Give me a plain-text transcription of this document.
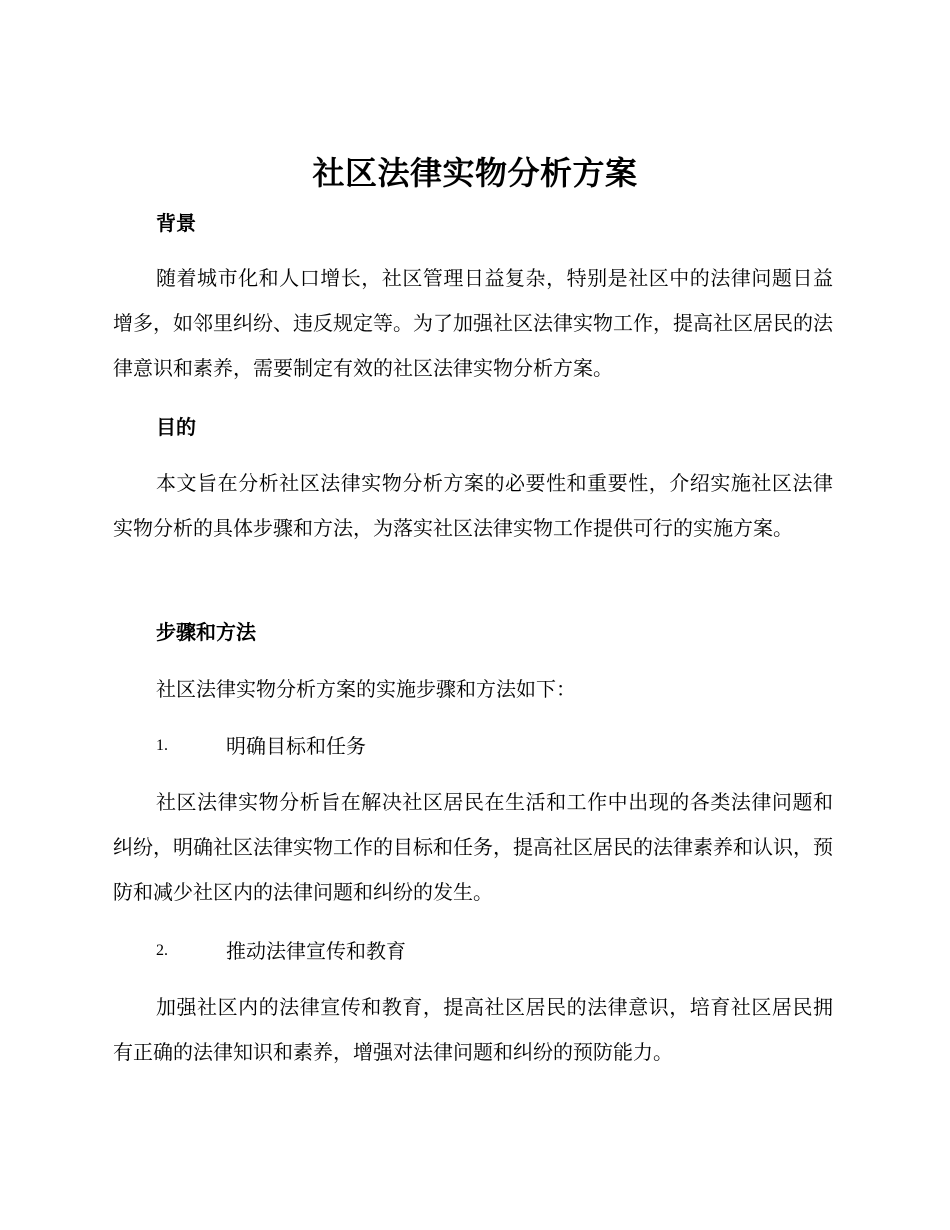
社区法律实物分析方案
背景
随着城市化和人口增长，社区管理日益复杂，特别是社区中的法律问题日益增多，如邻里纠纷、违反规定等。为了加强社区法律实物工作，提高社区居民的法律意识和素养，需要制定有效的社区法律实物分析方案。
目的
本文旨在分析社区法律实物分析方案的必要性和重要性，介绍实施社区法律实物分析的具体步骤和方法，为落实社区法律实物工作提供可行的实施方案。
步骤和方法
社区法律实物分析方案的实施步骤和方法如下：
1.	明确目标和任务
社区法律实物分析旨在解决社区居民在生活和工作中出现的各类法律问题和纠纷，明确社区法律实物工作的目标和任务，提高社区居民的法律素养和认识，预防和减少社区内的法律问题和纠纷的发生。
2.	推动法律宣传和教育
加强社区内的法律宣传和教育，提高社区居民的法律意识，培育社区居民拥有正确的法律知识和素养，增强对法律问题和纠纷的预防能力。
